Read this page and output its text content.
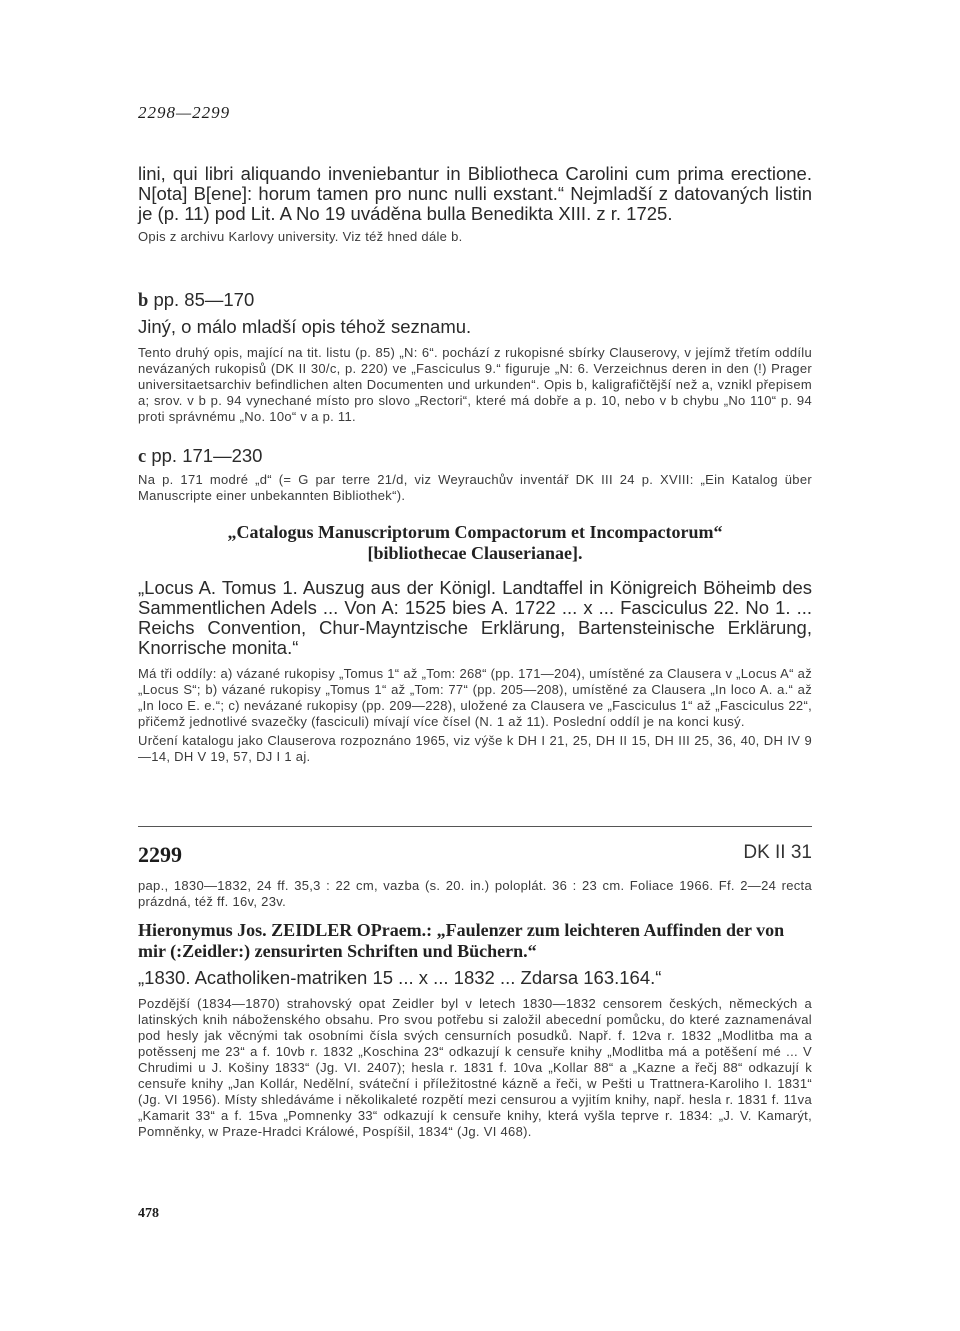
2298—2299

lini, qui libri aliquando inveniebantur in Bibliotheca Carolini cum prima erectione. N[ota] B[ene]: horum tamen pro nunc nulli exstant.“ Nejmladší z datovaných listin je (p. 11) pod Lit. A No 19 uváděna bulla Benedikta XIII. z r. 1725.

Opis z archivu Karlovy university. Viz též hned dále b.

b pp. 85—170

Jiný, o málo mladší opis téhož seznamu.

Tento druhý opis, mající na tit. listu (p. 85) „N: 6“. pochází z rukopisné sbírky Clauserovy, v jejímž třetím oddílu nevázaných rukopisů (DK II 30/c, p. 220) ve „Fasciculus 9.“ figuruje „N: 6. Verzeichnus deren in den (!) Prager universitaetsarchiv befindlichen alten Documenten und urkunden“. Opis b, kaligrafičtější než a, vznikl přepisem a; srov. v b p. 94 vynechané místo pro slovo „Rectori“, které má dobře a p. 10, nebo v b chybu „No 110“ p. 94 proti správnému „No. 10o“ v a p. 11.

c pp. 171—230

Na p. 171 modré „d“ (= G par terre 21/d, viz Weyrauchův inventář DK III 24 p. XVIII: „Ein Katalog über Manuscripte einer unbekannten Bibliothek“).

„Catalogus Manuscriptorum Compactorum et Incompactorum“

[bibliothecae Clauserianae].

„Locus A. Tomus 1. Auszug aus der Königl. Landtaffel in Königreich Böheimb des Sammentlichen Adels ... Von A: 1525 bies A. 1722 ... x ... Fasciculus 22. No 1. ... Reichs Convention, Chur-Mayntzische Erklärung, Bartensteinische Erklärung, Knorrische monita.“

Má tři oddíly: a) vázané rukopisy „Tomus 1“ až „Tom: 268“ (pp. 171—204), umístěné za Clausera v „Locus A“ až „Locus S“; b) vázané rukopisy „Tomus 1“ až „Tom: 77“ (pp. 205—208), umístěné za Clausera „In loco A. a.“ až „In loco E. e.“; c) nevázané rukopisy (pp. 209—228), uložené za Clausera ve „Fasciculus 1“ až „Fasciculus 22“, přičemž jednotlivé svazečky (fasciculi) mívají více čísel (N. 1 až 11). Poslední oddíl je na konci kusý.

Určení katalogu jako Clauserova rozpoznáno 1965, viz výše k DH I 21, 25, DH II 15, DH III 25, 36, 40, DH IV 9—14, DH V 19, 57, DJ I 1 aj.

2299	DK II 31

pap., 1830—1832, 24 ff. 35,3 : 22 cm, vazba (s. 20. in.) poloplát. 36 : 23 cm. Foliace 1966. Ff. 2—24 recta prázdná, též ff. 16v, 23v.

Hieronymus Jos. ZEIDLER OPraem.: „Faulenzer zum leichteren Auffinden der von mir (:Zeidler:) zensurirten Schriften und Büchern.“

„1830. Acatholiken-matriken 15 ... x ... 1832 ... Zdarsa 163.164.“

Pozdější (1834—1870) strahovský opat Zeidler byl v letech 1830—1832 censorem českých, německých a latinských knih náboženského obsahu. Pro svou potřebu si založil abecední pomůcku, do které zaznamenával pod hesly jak věcnými tak osobními čísla svých censurních posudků. Např. f. 12va r. 1832 „Modlitba ma a potěssenj me 23“ a f. 10vb r. 1832 „Koschina 23“ odkazují k censuře knihy „Modlitba má a potěšení mé ... V Chrudimi u J. Košiny 1833“ (Jg. VI. 2407); hesla r. 1831 f. 10va „Kollar 88“ a „Kazne a řečj 88“ odkazují k censuře knihy „Jan Kollár, Nedělní, sváteční i příležitostné kázně a řeči, w Pešti u Trattnera-Karoliho I. 1831“ (Jg. VI 1956). Místy shledáváme i několikaleté rozpětí mezi censurou a vyjitím knihy, např. hesla r. 1831 f. 11va „Kamarit 33“ a f. 15va „Pomnenky 33“ odkazují k censuře knihy, která vyšla teprve r. 1834: „J. V. Kamarýt, Pomněnky, w Praze-Hradci Králowé, Pospíšil, 1834“ (Jg. VI 468).

478
